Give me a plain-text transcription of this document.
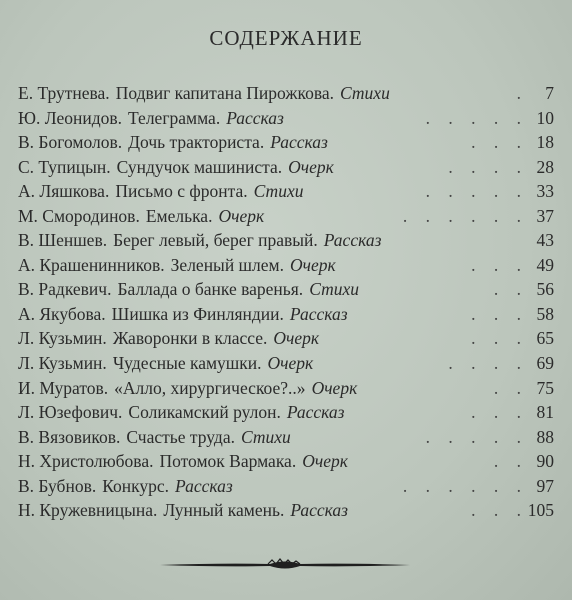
СОДЕРЖАНИЕ
Е. Трутнева. Подвиг капитана Пирожкова. Стихи	. 7
Ю. Леонидов. Телеграмма. Рассказ	. . . . . 10
В. Богомолов. Дочь тракториста. Рассказ	. . . 18
С. Тупицын. Сундучок машиниста. Очерк	. . . . 28
А. Ляшкова. Письмо с фронта. Стихи	. . . . . 33
М. Смородинов. Емелька. Очерк	. . . . . . 37
В. Шеншев. Берег левый, берег правый. Рассказ	43
А. Крашенинников. Зеленый шлем. Очерк	. . . 49
В. Радкевич. Баллада о банке варенья. Стихи	. . 56
А. Якубова. Шишка из Финляндии. Рассказ	. . . 58
Л. Кузьмин. Жаворонки в классе. Очерк	. . . 65
Л. Кузьмин. Чудесные камушки. Очерк	. . . . 69
И. Муратов. «Алло, хирургическое?..» Очерк	. . 75
Л. Юзефович. Соликамский рулон. Рассказ	. . . 81
В. Вязовиков. Счастье труда. Стихи	. . . . . 88
Н. Христолюбова. Потомок Вармака. Очерк	. . 90
В. Бубнов. Конкурс. Рассказ	. . . . . . 97
Н. Кружевницына. Лунный камень. Рассказ	. . . 105
